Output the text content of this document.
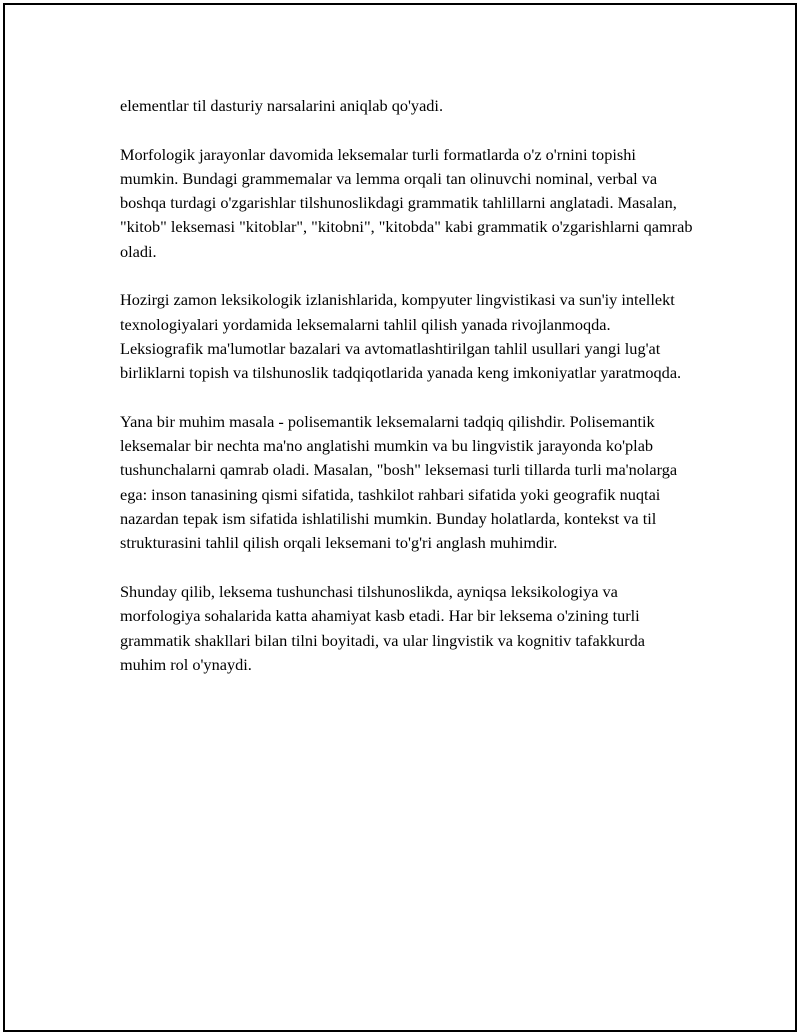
elementlar til dasturiy narsalarini aniqlab qo'yadi.

Morfologik jarayonlar davomida leksemalar turli formatlarda o'z o'rnini topishi mumkin. Bundagi grammemalar va lemma orqali tan olinuvchi nominal, verbal va boshqa turdagi o'zgarishlar tilshunoslikdagi grammatik tahlillarni anglatadi. Masalan, "kitob" leksemasi "kitoblar", "kitobni", "kitobda" kabi grammatik o'zgarishlarni qamrab oladi.

Hozirgi zamon leksikologik izlanishlarida, kompyuter lingvistikasi va sun'iy intellekt texnologiyalari yordamida leksemalarni tahlil qilish yanada rivojlanmoqda. Leksiografik ma'lumotlar bazalari va avtomatlashtirilgan tahlil usullari yangi lug'at birliklarni topish va tilshunoslik tadqiqotlarida yanada keng imkoniyatlar yaratmoqda.

Yana bir muhim masala - polisemantik leksemalarni tadqiq qilishdir. Polisemantik leksemalar bir nechta ma'no anglatishi mumkin va bu lingvistik jarayonda ko'plab tushunchalarni qamrab oladi. Masalan, "bosh" leksemasi turli tillarda turli ma'nolarga ega: inson tanasining qismi sifatida, tashkilot rahbari sifatida yoki geografik nuqtai nazardan tepak ism sifatida ishlatilishi mumkin. Bunday holatlarda, kontekst va til strukturasini tahlil qilish orqali leksemani to'g'ri anglash muhimdir.

Shunday qilib, leksema tushunchasi tilshunoslikda, ayniqsa leksikologiya va morfologiya sohalarida katta ahamiyat kasb etadi. Har bir leksema o'zining turli grammatik shakllari bilan tilni boyitadi, va ular lingvistik va kognitiv tafakkurda muhim rol o'ynaydi.
